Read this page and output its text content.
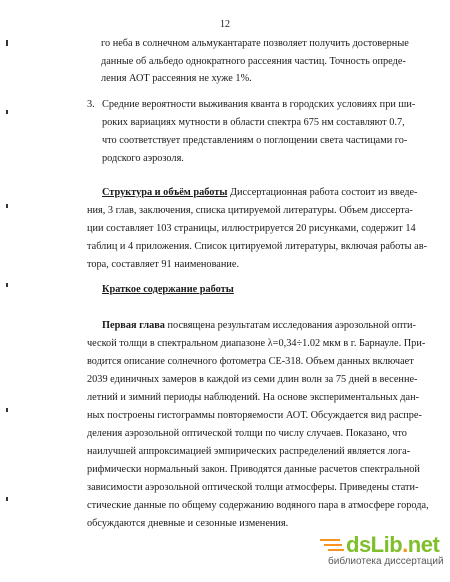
12
го неба в солнечном альмукантарате позволяет получить достоверные
данные об альбедо однократного рассеяния частиц. Точность опреде-
ления АОТ рассеяния не хуже 1%.
3. Средние вероятности выживания кванта в городских условиях при ши-
роких вариациях мутности в области спектра 675 нм составляют 0.7,
что соответствует представлениям о поглощении света частицами го-
родского аэрозоля.
Структура и объём работы Диссертационная работа состоит из введе-
ния, 3 глав, заключения, списка цитируемой литературы. Объем диссерта-
ции составляет 103 страницы, иллюстрируется 20 рисунками, содержит 14
таблиц и 4 приложения. Список цитируемой литературы, включая работы ав-
тора, составляет 91 наименование.
Краткое содержание работы
Первая глава посвящена результатам исследования аэрозольной опти-
ческой толщи в спектральном диапазоне λ=0,34÷1.02 мкм в г. Барнауле. При-
водится описание солнечного фотометра СЕ-318. Объем данных включает
2039 единичных замеров в каждой из семи длин волн за 75 дней в весенне-
летний и зимний периоды наблюдений. На основе экспериментальных дан-
ных построены гистограммы повторяемости АОТ. Обсуждается вид распре-
деления аэрозольной оптической толщи по числу случаев. Показано, что
наилучшей аппроксимацией эмпирических распределений является лога-
рифмически нормальный закон. Приводятся данные расчетов спектральной
зависимости аэрозольной оптической толщи атмосферы. Приведены стати-
стические данные по общему содержанию водяного пара в атмосфере города,
обсуждаются дневные и сезонные изменения.
dsLib.net
библиотека диссертаций
